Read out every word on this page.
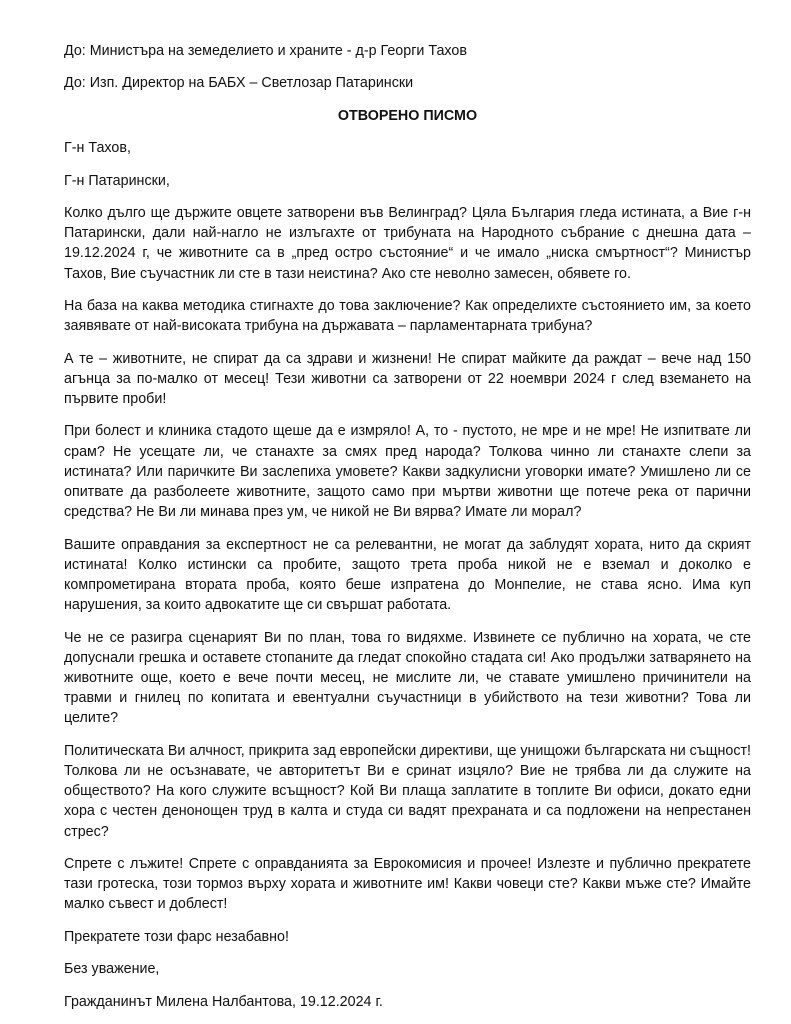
До: Министъра на земеделието и храните - д-р Георги Тахов
До: Изп. Директор на БАБХ – Светлозар Патарински
ОТВОРЕНО ПИСМО
Г-н Тахов,
Г-н Патарински,

Колко дълго ще държите овцете затворени във Велинград? Цяла България гледа истината, а Вие г-н Патарински, дали най-нагло не излъгахте от трибуната на Народното събрание с днешна дата – 19.12.2024 г, че животните са в „пред остро състояние“ и че имало „ниска смъртност“? Министър Тахов, Вие съучастник ли сте в тази неистина? Ако сте неволно замесен, обявете го.

На база на каква методика стигнахте до това заключение? Как определихте състоянието им, за което заявявате от най-високата трибуна на държавата – парламентарната трибуна?

А те – животните, не спират да са здрави и жизнени! Не спират майките да раждат – вече над 150 агънца за по-малко от месец! Тези животни са затворени от 22 ноември 2024 г след вземането на първите проби!

При болест и клиника стадото щеше да е измряло! А, то - пустото, не мре и не мре! Не изпитвате ли срам? Не усещате ли, че станахте за смях пред народа? Толкова чинно ли станахте слепи за истината? Или паричките Ви заслепиха умовете? Какви задкулисни уговорки имате? Умишлено ли се опитвате да разболеете животните, защото само при мъртви животни ще потече река от парични средства? Не Ви ли минава през ум, че никой не Ви вярва? Имате ли морал?

Вашите оправдания за експертност не са релевантни, не могат да заблудят хората, нито да скрият истината! Колко истински са пробите, защото трета проба никой не е вземал и доколко е компрометирана втората проба, която беше изпратена до Монпелие, не става ясно. Има куп нарушения, за които адвокатите ще си свършат работата.

Че не се разигра сценарият Ви по план, това го видяхме. Извинете се публично на хората, че сте допуснали грешка и оставете стопаните да гледат спокойно стадата си! Ако продължи затварянето на животните още, което е вече почти месец, не мислите ли, че ставате умишлено причинители на травми и гнилец по копитата и евентуални съучастници в убийството на тези животни? Това ли целите?

Политическата Ви алчност, прикрита зад европейски директиви, ще унищожи българската ни същност! Толкова ли не осъзнавате, че авторитетът Ви е сринат изцяло? Вие не трябва ли да служите на обществото? На кого служите всъщност? Кой Ви плаща заплатите в топлите Ви офиси, докато едни хора с честен денонощен труд в калта и студа си вадят прехраната и са подложени на непрестанен стрес?

Спрете с лъжите! Спрете с оправданията за Еврокомисия и прочее! Излезте и публично прекратете тази гротеска, този тормоз върху хората и животните им! Какви човеци сте? Какви мъже сте? Имайте малко съвест и доблест!

Прекратете този фарс незабавно!
Без уважение,
Гражданинът Милена Налбантова, 19.12.2024 г.
